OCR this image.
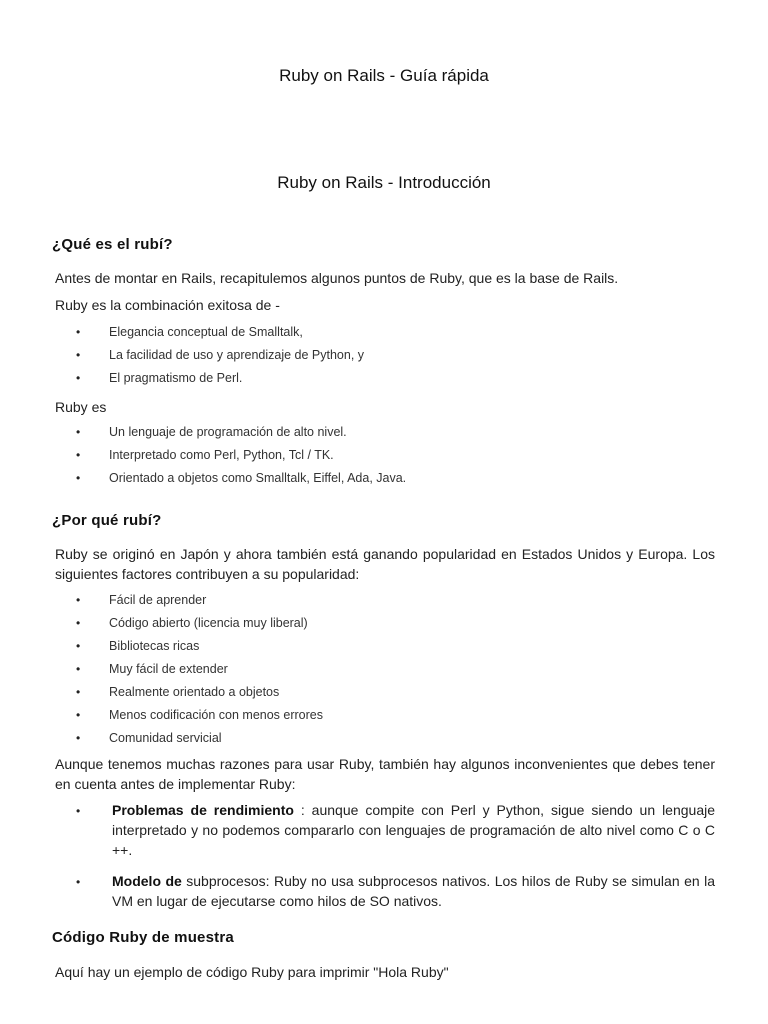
Ruby on Rails - Guía rápida
Ruby on Rails - Introducción
¿Qué es el rubí?
Antes de montar en Rails, recapitulemos algunos puntos de Ruby, que es la base de Rails.
Ruby es la combinación exitosa de -
• Elegancia conceptual de Smalltalk,
• La facilidad de uso y aprendizaje de Python, y
• El pragmatismo de Perl.
Ruby es
• Un lenguaje de programación de alto nivel.
• Interpretado como Perl, Python, Tcl / TK.
• Orientado a objetos como Smalltalk, Eiffel, Ada, Java.
¿Por qué rubí?
Ruby se originó en Japón y ahora también está ganando popularidad en Estados Unidos y Europa. Los siguientes factores contribuyen a su popularidad:
• Fácil de aprender
• Código abierto (licencia muy liberal)
• Bibliotecas ricas
• Muy fácil de extender
• Realmente orientado a objetos
• Menos codificación con menos errores
• Comunidad servicial
Aunque tenemos muchas razones para usar Ruby, también hay algunos inconvenientes que debes tener en cuenta antes de implementar Ruby:
• Problemas de rendimiento : aunque compite con Perl y Python, sigue siendo un lenguaje interpretado y no podemos compararlo con lenguajes de programación de alto nivel como C o C ++.
• Modelo de subprocesos: Ruby no usa subprocesos nativos. Los hilos de Ruby se simulan en la VM en lugar de ejecutarse como hilos de SO nativos.
Código Ruby de muestra
Aquí hay un ejemplo de código Ruby para imprimir "Hola Ruby"
